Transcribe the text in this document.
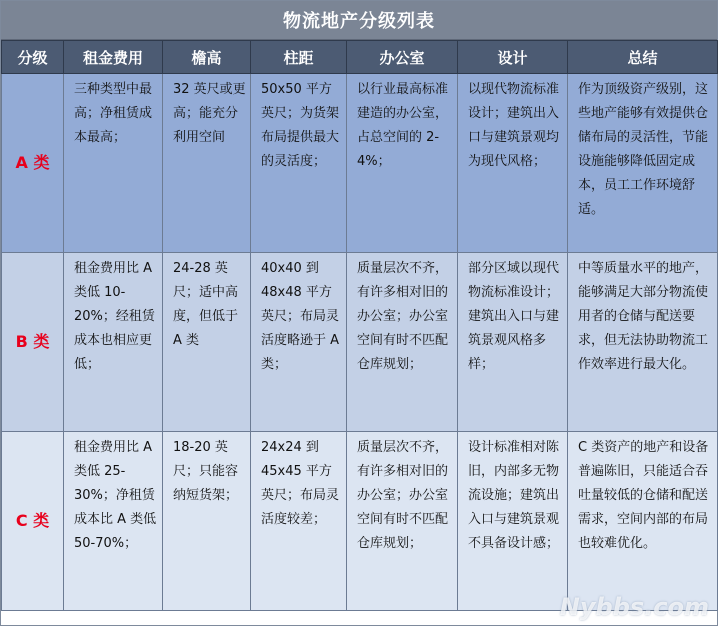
物流地产分级列表
分级	租金费用	檐高	柱距	办公室	设计	总结
A 类	三种类型中最高；净租赁成本最高；	32 英尺或更高；能充分利用空间	50x50 平方英尺；为货架布局提供最大的灵活度；	以行业最高标准建造的办公室，占总空间的 2-4%；	以现代物流标准设计；建筑出入口与建筑景观均为现代风格；	作为顶级资产级别，这些地产能够有效提供仓储布局的灵活性，节能设施能够降低固定成本，员工工作环境舒适。
B 类	租金费用比 A 类低 10-20%；经租赁成本也相应更低；	24-28 英尺；适中高度，但低于 A 类	40x40 到 48x48 平方英尺；布局灵活度略逊于 A 类；	质量层次不齐，有许多相对旧的办公室；办公室空间有时不匹配仓库规划；	部分区域以现代物流标准设计；建筑出入口与建筑景观风格多样；	中等质量水平的地产，能够满足大部分物流使用者的仓储与配送要求，但无法协助物流工作效率进行最大化。
C 类	租金费用比 A 类低 25-30%；净租赁成本比 A 类低 50-70%；	18-20 英尺；只能容纳短货架；	24x24 到 45x45 平方英尺；布局灵活度较差；	质量层次不齐，有许多相对旧的办公室；办公室空间有时不匹配仓库规划；	设计标准相对陈旧，内部多无物流设施；建筑出入口与建筑景观不具备设计感；	C 类资产的地产和设备普遍陈旧，只能适合吞吐量较低的仓储和配送需求，空间内部的布局也较难优化。
Nybbs.com
